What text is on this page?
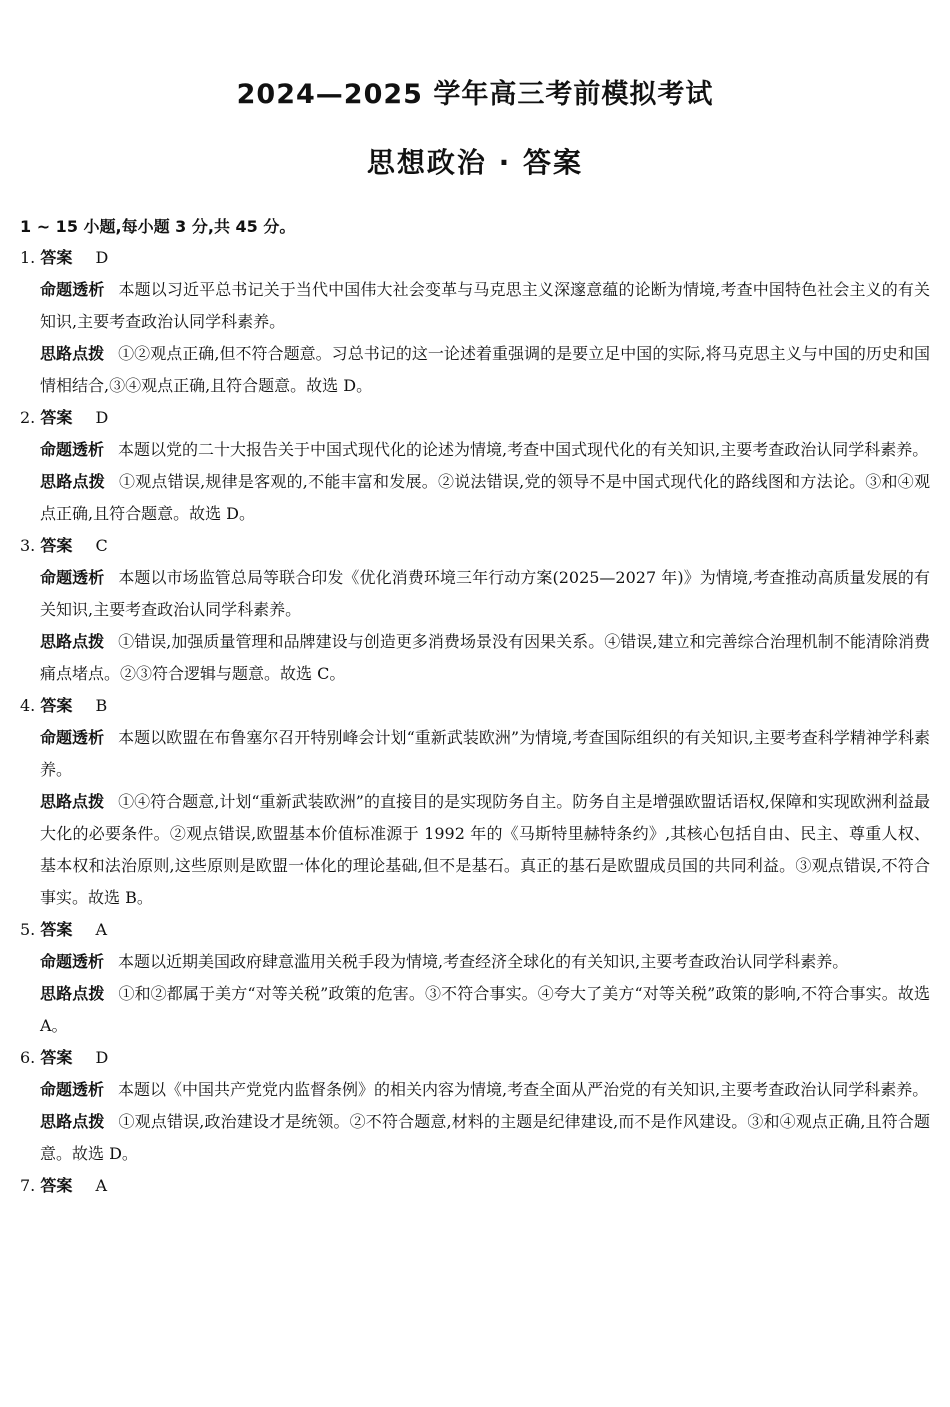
2024—2025 学年高三考前模拟考试
思想政治 · 答案
1 ~ 15 小题,每小题 3 分,共 45 分。
1. 答案 D
命题透析 本题以习近平总书记关于当代中国伟大社会变革与马克思主义深邃意蕴的论断为情境,考查中国特色社会主义的有关知识,主要考查政治认同学科素养。
思路点拨 ①②观点正确,但不符合题意。习总书记的这一论述着重强调的是要立足中国的实际,将马克思主义与中国的历史和国情相结合,③④观点正确,且符合题意。故选 D。
2. 答案 D
命题透析 本题以党的二十大报告关于中国式现代化的论述为情境,考查中国式现代化的有关知识,主要考查政治认同学科素养。
思路点拨 ①观点错误,规律是客观的,不能丰富和发展。②说法错误,党的领导不是中国式现代化的路线图和方法论。③和④观点正确,且符合题意。故选 D。
3. 答案 C
命题透析 本题以市场监管总局等联合印发《优化消费环境三年行动方案(2025—2027 年)》为情境,考查推动高质量发展的有关知识,主要考查政治认同学科素养。
思路点拨 ①错误,加强质量管理和品牌建设与创造更多消费场景没有因果关系。④错误,建立和完善综合治理机制不能清除消费痛点堵点。②③符合逻辑与题意。故选 C。
4. 答案 B
命题透析 本题以欧盟在布鲁塞尔召开特别峰会计划“重新武装欧洲”为情境,考查国际组织的有关知识,主要考查科学精神学科素养。
思路点拨 ①④符合题意,计划“重新武装欧洲”的直接目的是实现防务自主。防务自主是增强欧盟话语权,保障和实现欧洲利益最大化的必要条件。②观点错误,欧盟基本价值标准源于 1992 年的《马斯特里赫特条约》,其核心包括自由、民主、尊重人权、基本权和法治原则,这些原则是欧盟一体化的理论基础,但不是基石。真正的基石是欧盟成员国的共同利益。③观点错误,不符合事实。故选 B。
5. 答案 A
命题透析 本题以近期美国政府肆意滥用关税手段为情境,考查经济全球化的有关知识,主要考查政治认同学科素养。
思路点拨 ①和②都属于美方“对等关税”政策的危害。③不符合事实。④夸大了美方“对等关税”政策的影响,不符合事实。故选 A。
6. 答案 D
命题透析 本题以《中国共产党党内监督条例》的相关内容为情境,考查全面从严治党的有关知识,主要考查政治认同学科素养。
思路点拨 ①观点错误,政治建设才是统领。②不符合题意,材料的主题是纪律建设,而不是作风建设。③和④观点正确,且符合题意。故选 D。
7. 答案 A
